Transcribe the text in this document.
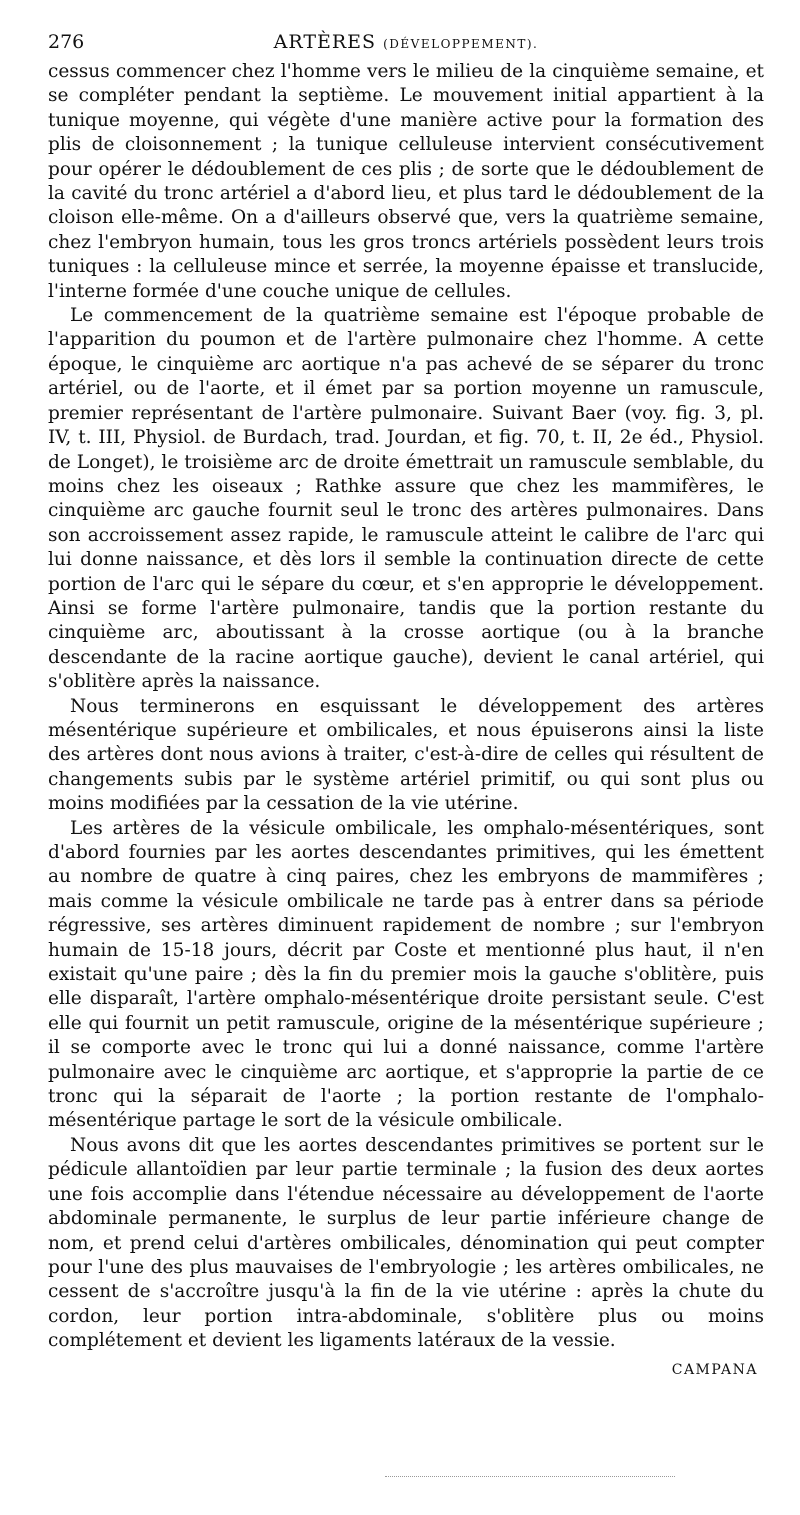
276	ARTÈRES (DÉVELOPPEMENT).

cessus commencer chez l'homme vers le milieu de la cinquième semaine, et se compléter pendant la septième. Le mouvement initial appartient à la tunique moyenne, qui végète d'une manière active pour la formation des plis de cloisonnement ; la tunique celluleuse intervient consécutivement pour opérer le dédoublement de ces plis ; de sorte que le dédoublement de la cavité du tronc artériel a d'abord lieu, et plus tard le dédoublement de la cloison elle-même. On a d'ailleurs observé que, vers la quatrième semaine, chez l'embryon humain, tous les gros troncs artériels possèdent leurs trois tuniques : la celluleuse mince et serrée, la moyenne épaisse et translucide, l'interne formée d'une couche unique de cellules.

Le commencement de la quatrième semaine est l'époque probable de l'apparition du poumon et de l'artère pulmonaire chez l'homme. A cette époque, le cinquième arc aortique n'a pas achevé de se séparer du tronc artériel, ou de l'aorte, et il émet par sa portion moyenne un ramuscule, premier représentant de l'artère pulmonaire. Suivant Baer (voy. fig. 3, pl. IV, t. III, Physiol. de Burdach, trad. Jourdan, et fig. 70, t. II, 2e éd., Physiol. de Longet), le troisième arc de droite émettrait un ramuscule semblable, du moins chez les oiseaux ; Rathke assure que chez les mammifères, le cinquième arc gauche fournit seul le tronc des artères pulmonaires. Dans son accroissement assez rapide, le ramuscule atteint le calibre de l'arc qui lui donne naissance, et dès lors il semble la continuation directe de cette portion de l'arc qui le sépare du cœur, et s'en approprie le développement. Ainsi se forme l'artère pulmonaire, tandis que la portion restante du cinquième arc, aboutissant à la crosse aortique (ou à la branche descendante de la racine aortique gauche), devient le canal artériel, qui s'oblitère après la naissance.

Nous terminerons en esquissant le développement des artères mésentérique supérieure et ombilicales, et nous épuiserons ainsi la liste des artères dont nous avions à traiter, c'est-à-dire de celles qui résultent de changements subis par le système artériel primitif, ou qui sont plus ou moins modifiées par la cessation de la vie utérine.

Les artères de la vésicule ombilicale, les omphalo-mésentériques, sont d'abord fournies par les aortes descendantes primitives, qui les émettent au nombre de quatre à cinq paires, chez les embryons de mammifères ; mais comme la vésicule ombilicale ne tarde pas à entrer dans sa période régressive, ses artères diminuent rapidement de nombre ; sur l'embryon humain de 15-18 jours, décrit par Coste et mentionné plus haut, il n'en existait qu'une paire ; dès la fin du premier mois la gauche s'oblitère, puis elle disparaît, l'artère omphalo-mésentérique droite persistant seule. C'est elle qui fournit un petit ramuscule, origine de la mésentérique supérieure ; il se comporte avec le tronc qui lui a donné naissance, comme l'artère pulmonaire avec le cinquième arc aortique, et s'approprie la partie de ce tronc qui la séparait de l'aorte ; la portion restante de l'omphalo-mésentérique partage le sort de la vésicule ombilicale.

Nous avons dit que les aortes descendantes primitives se portent sur le pédicule allantoïdien par leur partie terminale ; la fusion des deux aortes une fois accomplie dans l'étendue nécessaire au développement de l'aorte abdominale permanente, le surplus de leur partie inférieure change de nom, et prend celui d'artères ombilicales, dénomination qui peut compter pour l'une des plus mauvaises de l'embryologie ; les artères ombilicales, ne cessent de s'accroître jusqu'à la fin de la vie utérine : après la chute du cordon, leur portion intra-abdominale, s'oblitère plus ou moins complétement et devient les ligaments latéraux de la vessie.

CAMPANA
